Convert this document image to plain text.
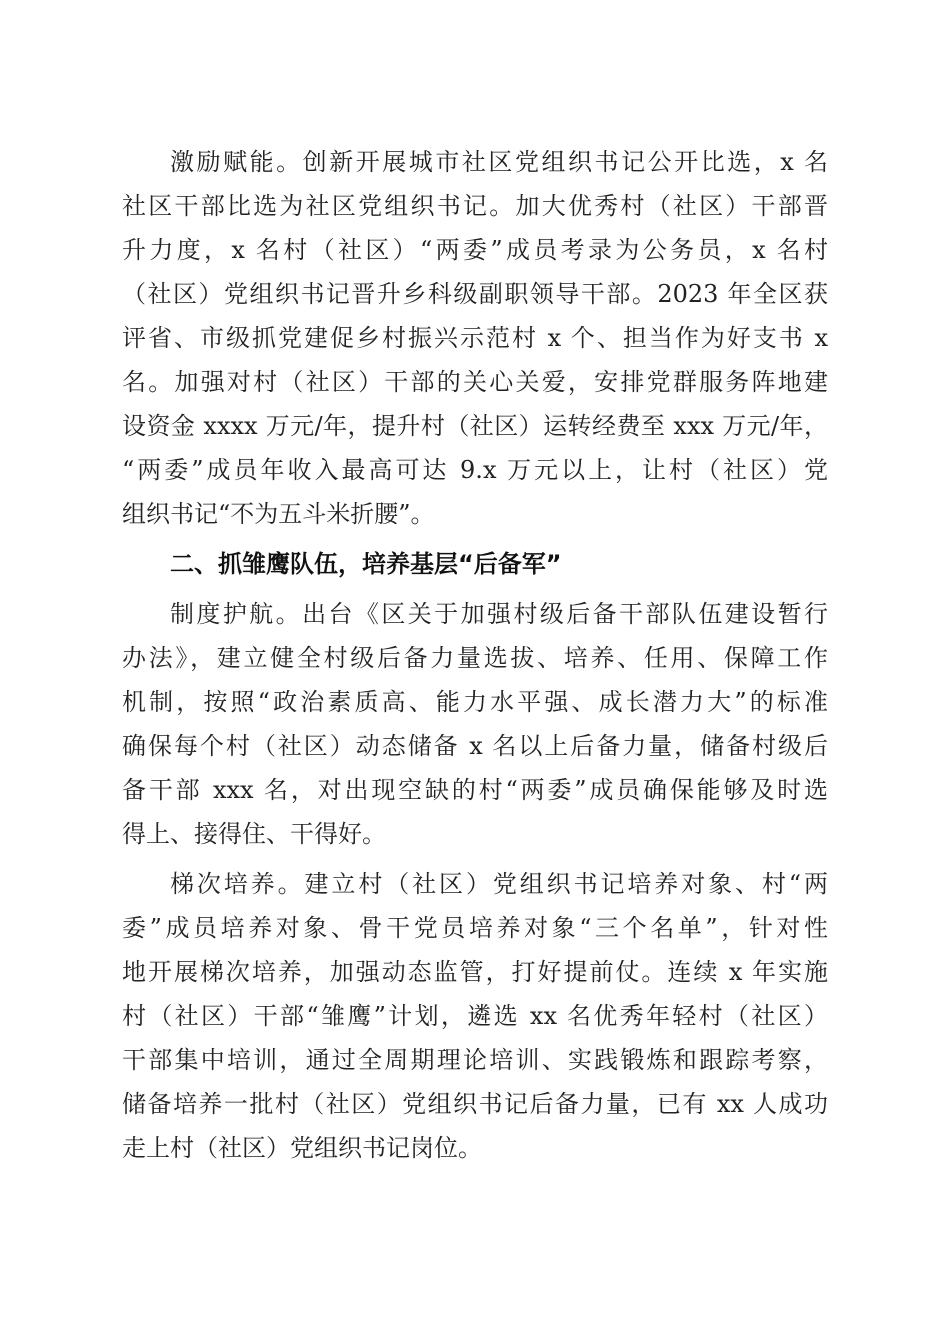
激励赋能。创新开展城市社区党组织书记公开比选，x 名
社区干部比选为社区党组织书记。加大优秀村（社区）干部晋
升力度，x 名村（社区）“两委”成员考录为公务员，x 名村
（社区）党组织书记晋升乡科级副职领导干部。2023 年全区获
评省、市级抓党建促乡村振兴示范村 x 个、担当作为好支书 x
名。加强对村（社区）干部的关心关爱，安排党群服务阵地建
设资金 xxxx 万元/年，提升村（社区）运转经费至 xxx 万元/年，
“两委”成员年收入最高可达 9.x 万元以上，让村（社区）党
组织书记“不为五斗米折腰”。
二、抓雏鹰队伍，培养基层“后备军”
制度护航。出台《区关于加强村级后备干部队伍建设暂行
办法》，建立健全村级后备力量选拔、培养、任用、保障工作
机制，按照“政治素质高、能力水平强、成长潜力大”的标准
确保每个村（社区）动态储备 x 名以上后备力量，储备村级后
备干部 xxx 名，对出现空缺的村“两委”成员确保能够及时选
得上、接得住、干得好。
梯次培养。建立村（社区）党组织书记培养对象、村“两
委”成员培养对象、骨干党员培养对象“三个名单”，针对性
地开展梯次培养，加强动态监管，打好提前仗。连续 x 年实施
村（社区）干部“雏鹰”计划，遴选 xx 名优秀年轻村（社区）
干部集中培训，通过全周期理论培训、实践锻炼和跟踪考察，
储备培养一批村（社区）党组织书记后备力量，已有 xx 人成功
走上村（社区）党组织书记岗位。
